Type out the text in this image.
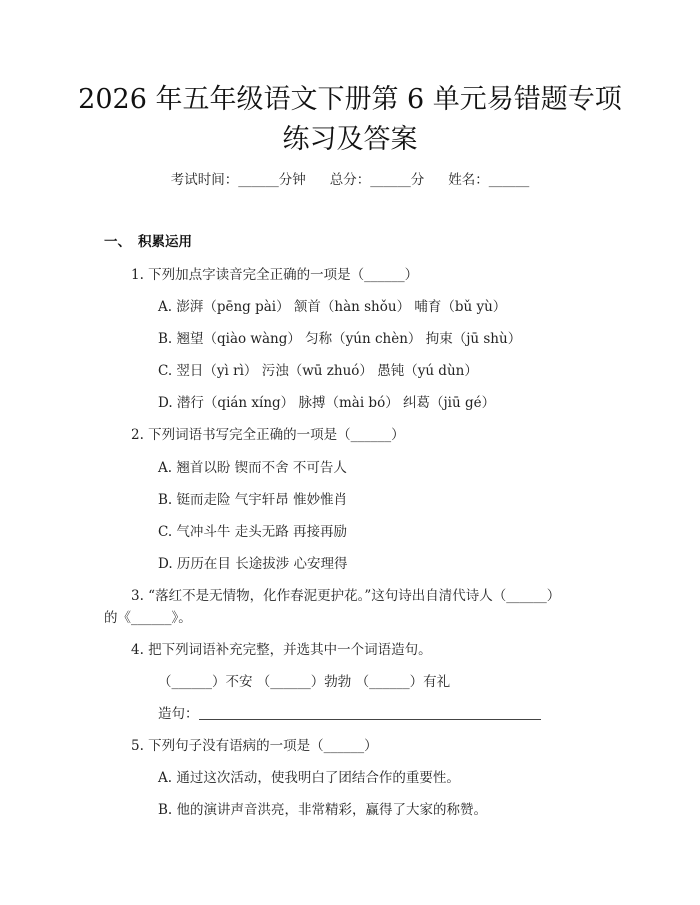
2026 年五年级语文下册第 6 单元易错题专项
练习及答案
考试时间：______分钟 总分：______分 姓名：______
一、 积累运用
1. 下列加点字读音完全正确的一项是（______）
A. 澎湃（pēng pài） 颔首（hàn shǒu） 哺育（bǔ yù）
B. 翘望（qiào wàng） 匀称（yún chèn） 拘束（jū shù）
C. 翌日（yì rì） 污浊（wū zhuó） 愚钝（yú dùn）
D. 潜行（qián xíng） 脉搏（mài bó） 纠葛（jiū gé）
2. 下列词语书写完全正确的一项是（______）
A. 翘首以盼 锲而不舍 不可告人
B. 铤而走险 气宇轩昂 惟妙惟肖
C. 气冲斗牛 走头无路 再接再励
D. 历历在目 长途拔涉 心安理得
3. “落红不是无情物，化作春泥更护花。”这句诗出自清代诗人（______）
的《______》。
4. 把下列词语补充完整，并选其中一个词语造句。
（______）不安 （______）勃勃 （______）有礼
造句：
5. 下列句子没有语病的一项是（______）
A. 通过这次活动，使我明白了团结合作的重要性。
B. 他的演讲声音洪亮，非常精彩，赢得了大家的称赞。
